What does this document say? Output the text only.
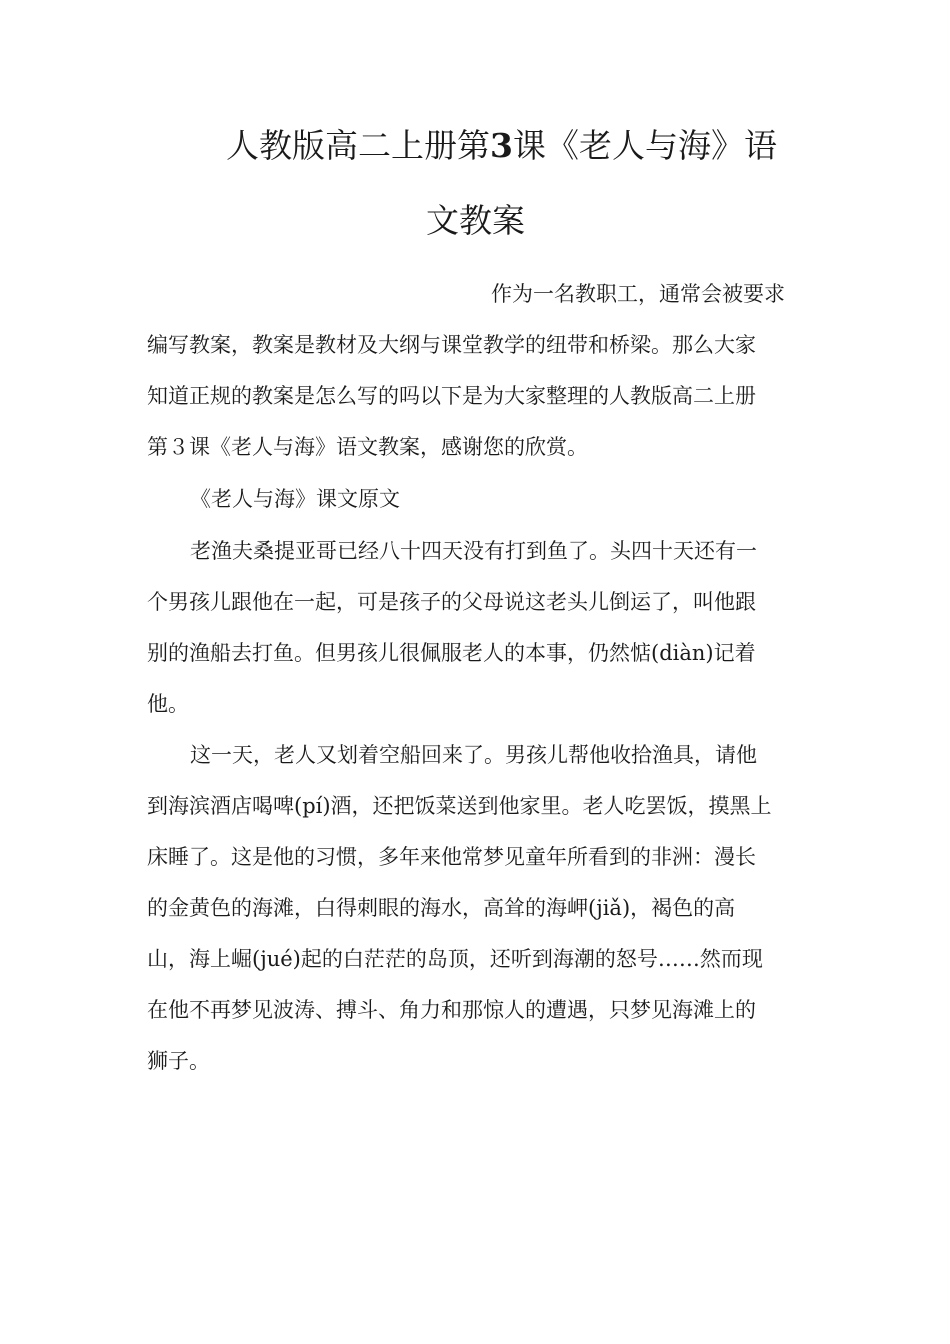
人教版高二上册第3课《老人与海》语
文教案
作为一名教职工，通常会被要求
编写教案，教案是教材及大纲与课堂教学的纽带和桥梁。那么大家
知道正规的教案是怎么写的吗以下是为大家整理的人教版高二上册
第３课《老人与海》语文教案，感谢您的欣赏。
《老人与海》课文原文
老渔夫桑提亚哥已经八十四天没有打到鱼了。头四十天还有一
个男孩儿跟他在一起，可是孩子的父母说这老头儿倒运了，叫他跟
别的渔船去打鱼。但男孩儿很佩服老人的本事，仍然惦(diàn)记着
他。
这一天，老人又划着空船回来了。男孩儿帮他收拾渔具，请他
到海滨酒店喝啤(pí)酒，还把饭菜送到他家里。老人吃罢饭，摸黑上
床睡了。这是他的习惯，多年来他常梦见童年所看到的非洲：漫长
的金黄色的海滩，白得刺眼的海水，高耸的海岬(jiǎ)，褐色的高
山，海上崛(jué)起的白茫茫的岛顶，还听到海潮的怒号……然而现
在他不再梦见波涛、搏斗、角力和那惊人的遭遇，只梦见海滩上的
狮子。
